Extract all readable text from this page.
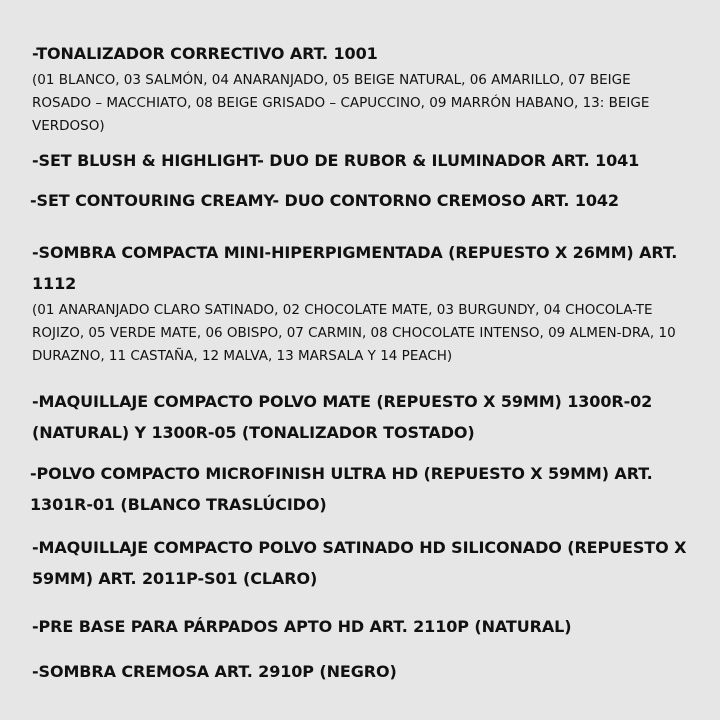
-TONALIZADOR CORRECTIVO ART. 1001
(01 BLANCO, 03 SALMÓN, 04 ANARANJADO, 05 BEIGE NATURAL, 06 AMARILLO, 07 BEIGE ROSADO – MACCHIATO, 08 BEIGE GRISADO – CAPUCCINO, 09 MARRÓN HABANO, 13: BEIGE VERDOSO)
-SET BLUSH & HIGHLIGHT- DUO DE RUBOR & ILUMINADOR ART. 1041
-SET CONTOURING CREAMY- DUO CONTORNO CREMOSO ART. 1042
-SOMBRA COMPACTA MINI-HIPERPIGMENTADA (REPUESTO X 26MM) ART. 1112
(01 ANARANJADO CLARO SATINADO, 02 CHOCOLATE MATE, 03 BURGUNDY, 04 CHOCOLA-TE ROJIZO, 05 VERDE MATE, 06 OBISPO, 07 CARMIN, 08 CHOCOLATE INTENSO, 09 ALMEN-DRA, 10 DURAZNO, 11 CASTAÑA, 12 MALVA, 13 MARSALA Y 14 PEACH)
-MAQUILLAJE COMPACTO POLVO MATE (REPUESTO X 59MM) 1300R-02 (NATURAL) Y 1300R-05 (TONALIZADOR TOSTADO)
-POLVO COMPACTO MICROFINISH ULTRA HD (REPUESTO X 59MM) ART. 1301R-01 (BLANCO TRASLÚCIDO)
-MAQUILLAJE COMPACTO POLVO SATINADO HD SILICONADO (REPUESTO X 59MM) ART. 2011P-S01 (CLARO)
-PRE BASE PARA PÁRPADOS APTO HD ART. 2110P (NATURAL)
-SOMBRA CREMOSA ART. 2910P (NEGRO)
